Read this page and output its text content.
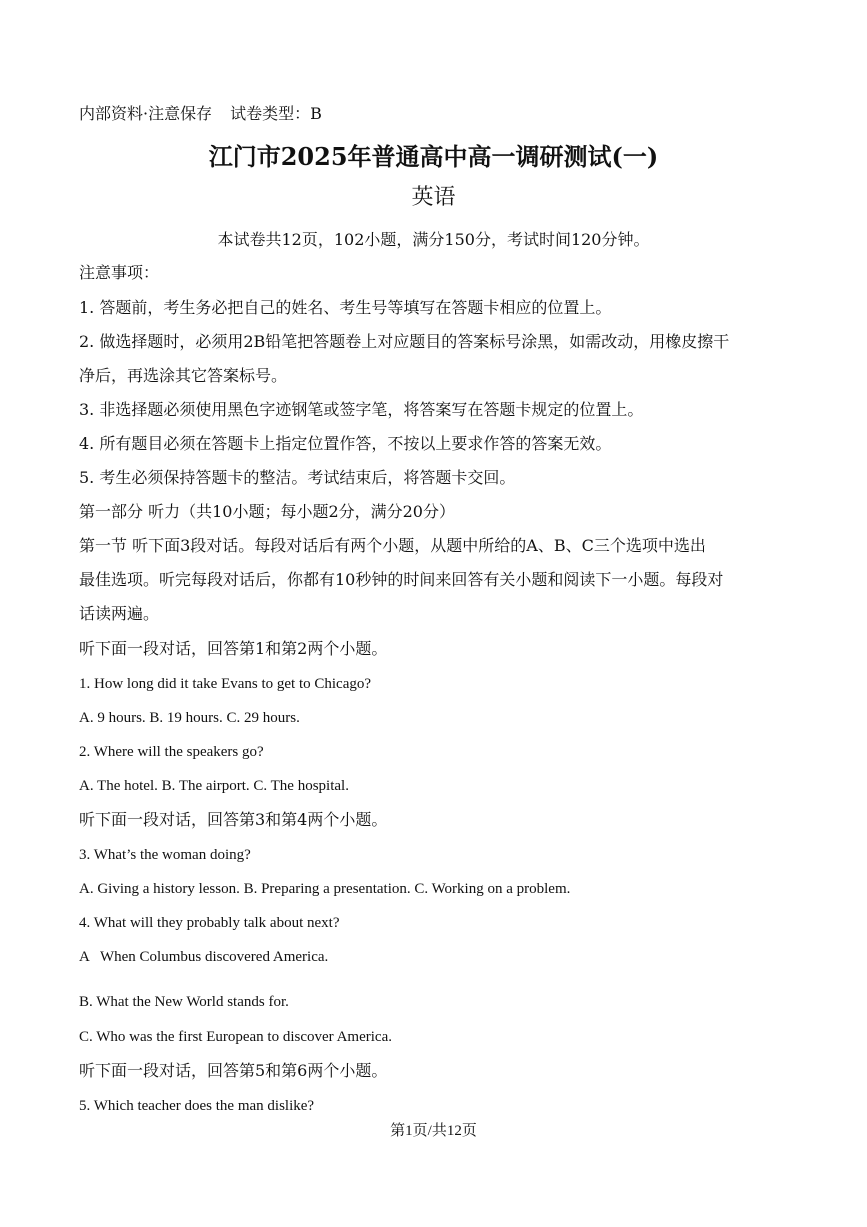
内部资料·注意保存 试卷类型：B
江门市2025年普通高中高一调研测试(一)
英语
本试卷共12页，102小题，满分150分，考试时间120分钟。
注意事项：
1. 答题前，考生务必把自己的姓名、考生号等填写在答题卡相应的位置上。
2. 做选择题时，必须用2B铅笔把答题卷上对应题目的答案标号涂黑，如需改动，用橡皮擦干
净后，再选涂其它答案标号。
3. 非选择题必须使用黑色字迹钢笔或签字笔，将答案写在答题卡规定的位置上。
4. 所有题目必须在答题卡上指定位置作答，不按以上要求作答的答案无效。
5. 考生必须保持答题卡的整洁。考试结束后，将答题卡交回。
第一部分 听力（共10小题；每小题2分，满分20分）
第一节 听下面3段对话。每段对话后有两个小题，从题中所给的A、B、C三个选项中选出
最佳选项。听完每段对话后，你都有10秒钟的时间来回答有关小题和阅读下一小题。每段对
话读两遍。
听下面一段对话，回答第1和第2两个小题。
1. How long did it take Evans to get to Chicago?
A. 9 hours. B. 19 hours. C. 29 hours.
2. Where will the speakers go?
A. The hotel. B. The airport. C. The hospital.
听下面一段对话，回答第3和第4两个小题。
3. What’s the woman doing?
A. Giving a history lesson. B. Preparing a presentation. C. Working on a problem.
4. What will they probably talk about next?
A   When Columbus discovered America.
B. What the New World stands for.
C. Who was the first European to discover America.
听下面一段对话，回答第5和第6两个小题。
5. Which teacher does the man dislike?
第1页/共12页
